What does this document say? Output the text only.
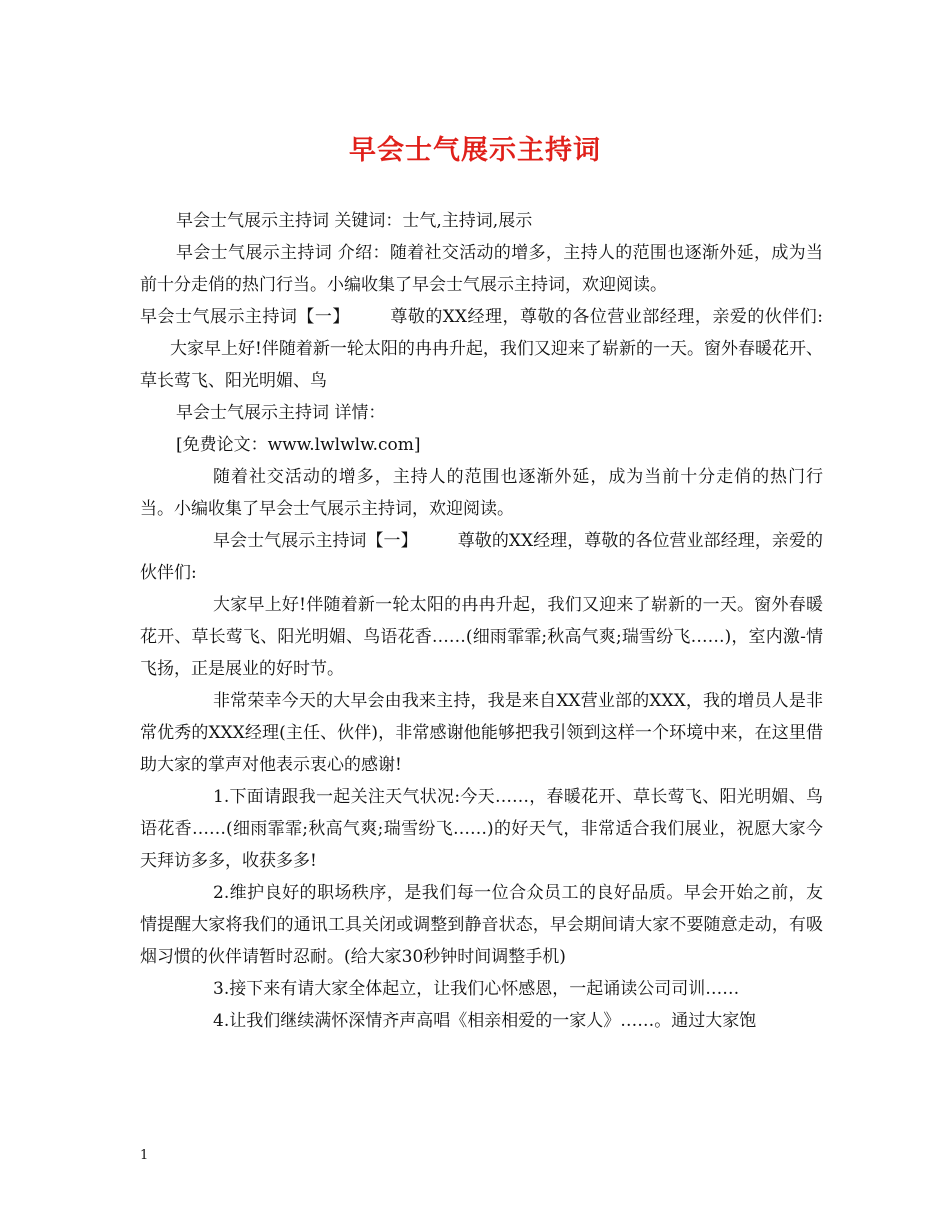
早会士气展示主持词

早会士气展示主持词 关键词：士气,主持词,展示

早会士气展示主持词 介绍：随着社交活动的增多，主持人的范围也逐渐外延，成为当前十分走俏的热门行当。小编收集了早会士气展示主持词，欢迎阅读。

早会士气展示主持词【一】 尊敬的XX经理，尊敬的各位营业部经理，亲爱的伙伴们:大家早上好!伴随着新一轮太阳的冉冉升起，我们又迎来了崭新的一天。窗外春暖花开、草长莺飞、阳光明媚、鸟

早会士气展示主持词 详情：

[免费论文：www.lwlwlw.com]

随着社交活动的增多，主持人的范围也逐渐外延，成为当前十分走俏的热门行当。小编收集了早会士气展示主持词，欢迎阅读。

早会士气展示主持词【一】 尊敬的XX经理，尊敬的各位营业部经理，亲爱的伙伴们:

大家早上好!伴随着新一轮太阳的冉冉升起，我们又迎来了崭新的一天。窗外春暖花开、草长莺飞、阳光明媚、鸟语花香……(细雨霏霏;秋高气爽;瑞雪纷飞……)，室内激-情飞扬，正是展业的好时节。

非常荣幸今天的大早会由我来主持，我是来自XX营业部的XXX，我的增员人是非常优秀的XXX经理(主任、伙伴)，非常感谢他能够把我引领到这样一个环境中来，在这里借助大家的掌声对他表示衷心的感谢!

1.下面请跟我一起关注天气状况:今天……，春暖花开、草长莺飞、阳光明媚、鸟语花香……(细雨霏霏;秋高气爽;瑞雪纷飞……)的好天气，非常适合我们展业，祝愿大家今天拜访多多，收获多多!

2.维护良好的职场秩序，是我们每一位合众员工的良好品质。早会开始之前，友情提醒大家将我们的通讯工具关闭或调整到静音状态，早会期间请大家不要随意走动，有吸烟习惯的伙伴请暂时忍耐。(给大家30秒钟时间调整手机)

3.接下来有请大家全体起立，让我们心怀感恩，一起诵读公司司训……

4.让我们继续满怀深情齐声高唱《相亲相爱的一家人》……。通过大家饱

1
